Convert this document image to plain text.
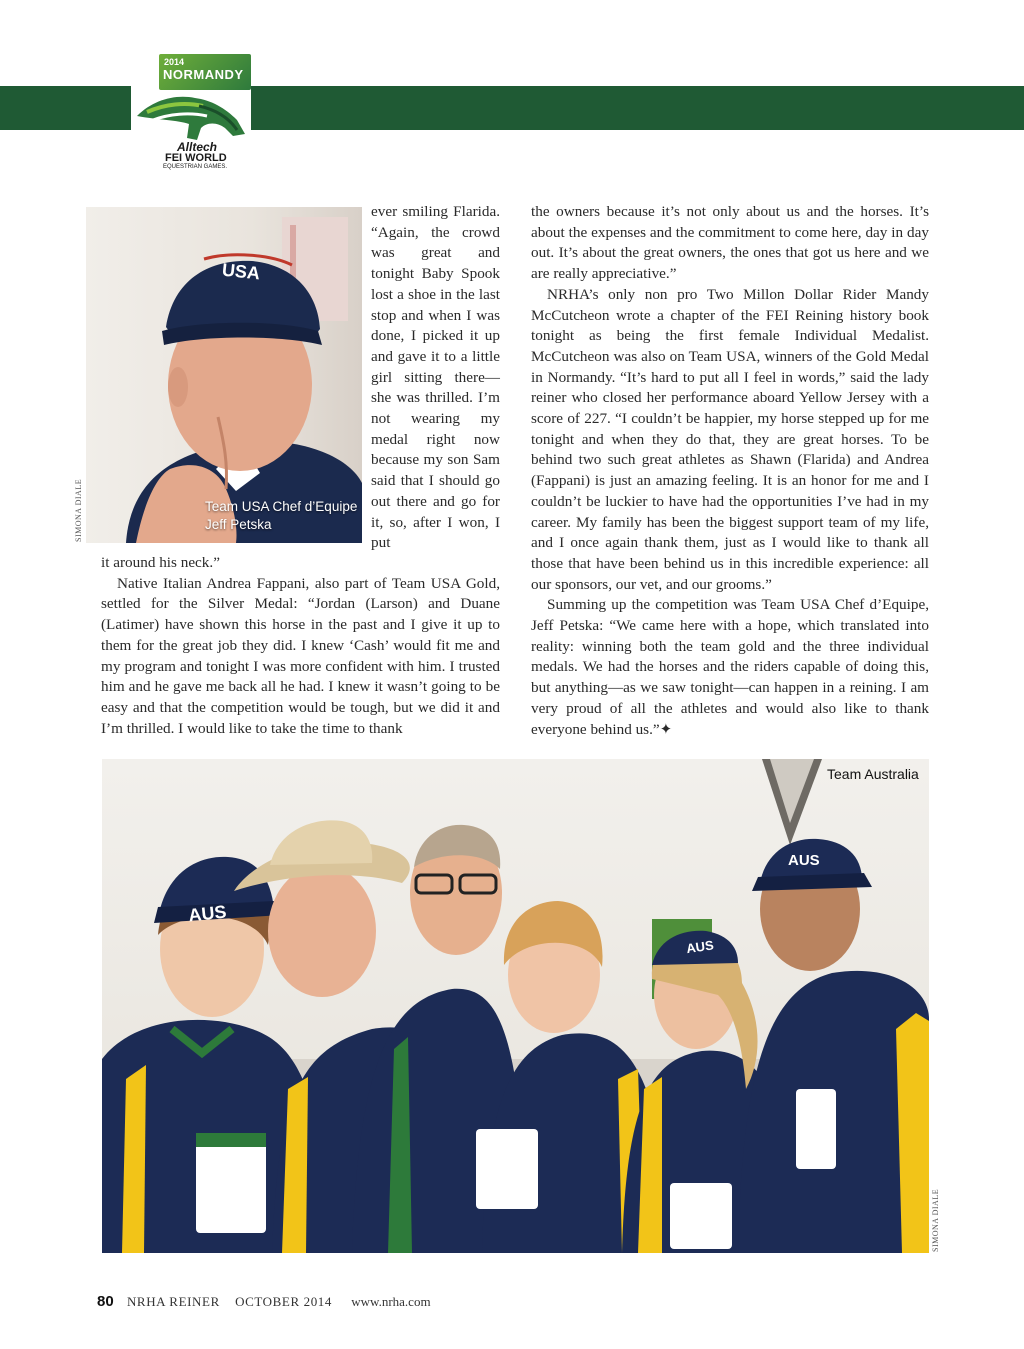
2014
NORMANDY
Alltech
FEI WORLD
EQUESTRIAN GAMES.
USA
Team USA Chef d’Equipe
Jeff Petska
SIMONA DIALE

ever smiling Flarida. “Again, the crowd was great and tonight Baby Spook lost a shoe in the last stop and when I was done, I picked it up and gave it to a little girl sitting there—she was thrilled. I’m not wearing my medal right now because my son Sam said that I should go out there and go for it, so, after I won, I put

it around his neck.”

Native Italian Andrea Fappani, also part of Team USA Gold, settled for the Silver Medal: “Jordan (Larson) and Duane (Latimer) have shown this horse in the past and I give it up to them for the great job they did. I knew ‘Cash’ would fit me and my program and tonight I was more confident with him. I trusted him and he gave me back all he had. I knew it wasn’t going to be easy and that the competition would be tough, but we did it and I’m thrilled. I would like to take the time to thank

the owners because it’s not only about us and the horses. It’s about the expenses and the commitment to come here, day in day out. It’s about the great owners, the ones that got us here and we are really appreciative.”

NRHA’s only non pro Two Millon Dollar Rider Mandy McCutcheon wrote a chapter of the FEI Reining history book tonight as being the first female Individual Medalist. McCutcheon was also on Team USA, winners of the Gold Medal in Normandy. “It’s hard to put all I feel in words,” said the lady reiner who closed her performance aboard Yellow Jersey with a score of 227. “I couldn’t be happier, my horse stepped up for me tonight and when they do that, they are great horses. To be behind two such great athletes as Shawn (Flarida) and Andrea (Fappani) is just an amazing feeling. It is an honor for me and I couldn’t be luckier to have had the opportunities I’ve had in my career. My family has been the biggest support team of my life, and I once again thank them, just as I would like to thank all those that have been behind us in this incredible experience: all our sponsors, our vet, and our grooms.”

Summing up the competition was Team USA Chef d’Equipe, Jeff Petska: “We came here with a hope, which translated into reality: winning both the team gold and the three individual medals. We had the horses and the riders capable of doing this, but anything—as we saw tonight—can happen in a reining. I am very proud of all the athletes and would also like to thank everyone behind us.”✦

AUS
AUS
AUS
Team Australia
SIMONA DIALE
80 NRHA REINER OCTOBER 2014 www.nrha.com
